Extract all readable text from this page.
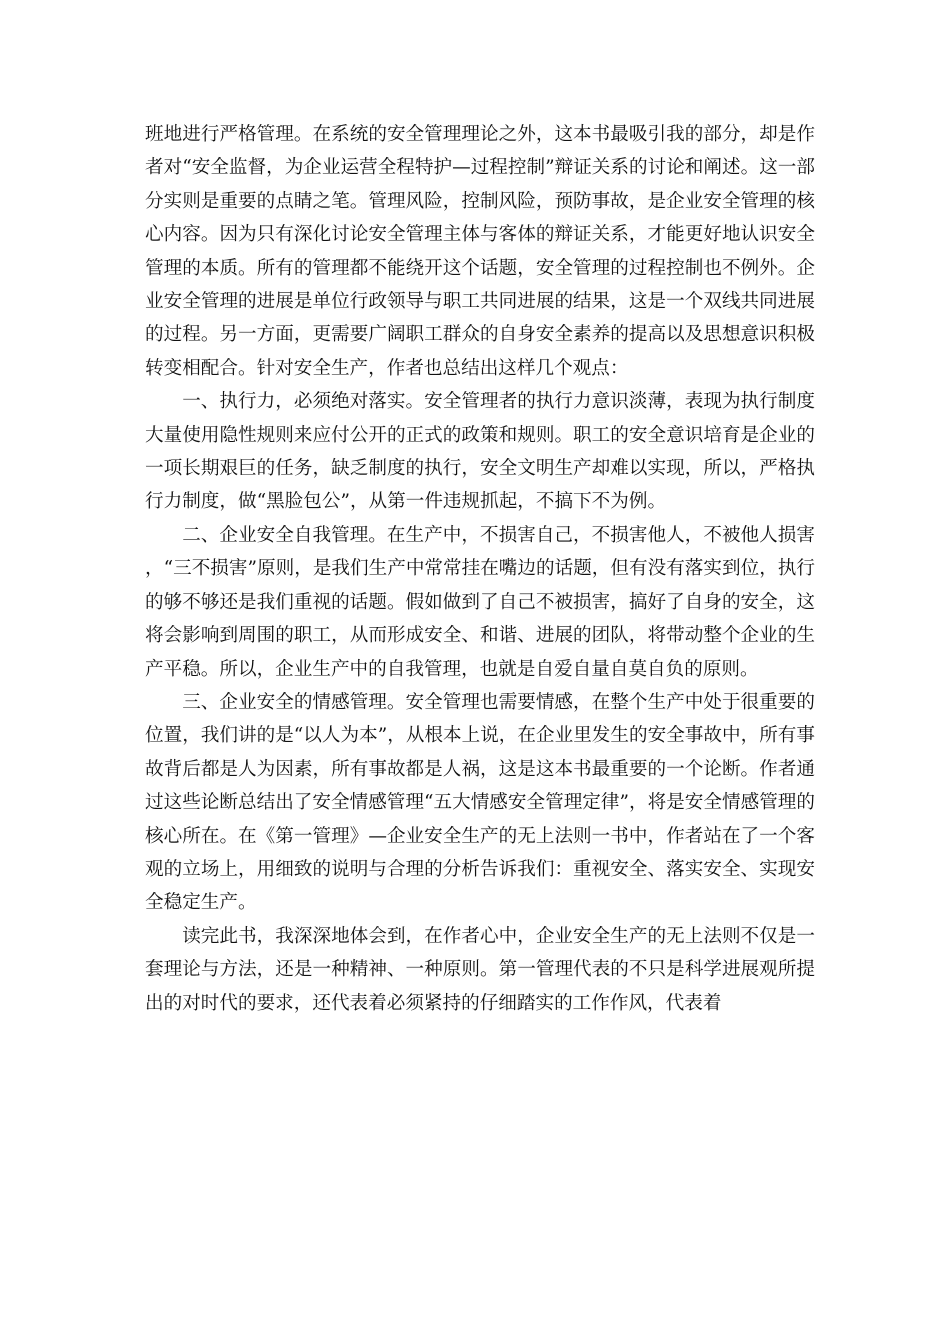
班地进行严格管理。在系统的安全管理理论之外，这本书最吸引我的部分，却是作者对“安全监督，为企业运营全程特护—过程控制”辩证关系的讨论和阐述。这一部分实则是重要的点睛之笔。管理风险，控制风险，预防事故，是企业安全管理的核心内容。因为只有深化讨论安全管理主体与客体的辩证关系，才能更好地认识安全管理的本质。所有的管理都不能绕开这个话题，安全管理的过程控制也不例外。企业安全管理的进展是单位行政领导与职工共同进展的结果，这是一个双线共同进展的过程。另一方面，更需要广阔职工群众的自身安全素养的提高以及思想意识积极转变相配合。针对安全生产，作者也总结出这样几个观点：

一、执行力，必须绝对落实。安全管理者的执行力意识淡薄，表现为执行制度大量使用隐性规则来应付公开的正式的政策和规则。职工的安全意识培育是企业的一项长期艰巨的任务，缺乏制度的执行，安全文明生产却难以实现，所以，严格执行力制度，做“黑脸包公”，从第一件违规抓起，不搞下不为例。

二、企业安全自我管理。在生产中，不损害自己，不损害他人，不被他人损害，“三不损害”原则，是我们生产中常常挂在嘴边的话题，但有没有落实到位，执行的够不够还是我们重视的话题。假如做到了自己不被损害，搞好了自身的安全，这将会影响到周围的职工，从而形成安全、和谐、进展的团队，将带动整个企业的生产平稳。所以，企业生产中的自我管理，也就是自爱自量自莫自负的原则。

三、企业安全的情感管理。安全管理也需要情感，在整个生产中处于很重要的位置，我们讲的是“以人为本”，从根本上说，在企业里发生的安全事故中，所有事故背后都是人为因素，所有事故都是人祸，这是这本书最重要的一个论断。作者通过这些论断总结出了安全情感管理“五大情感安全管理定律”，将是安全情感管理的核心所在。在《第一管理》—企业安全生产的无上法则一书中，作者站在了一个客观的立场上，用细致的说明与合理的分析告诉我们：重视安全、落实安全、实现安全稳定生产。

读完此书，我深深地体会到，在作者心中，企业安全生产的无上法则不仅是一套理论与方法，还是一种精神、一种原则。第一管理代表的不只是科学进展观所提出的对时代的要求，还代表着必须紧持的仔细踏实的工作作风，代表着
